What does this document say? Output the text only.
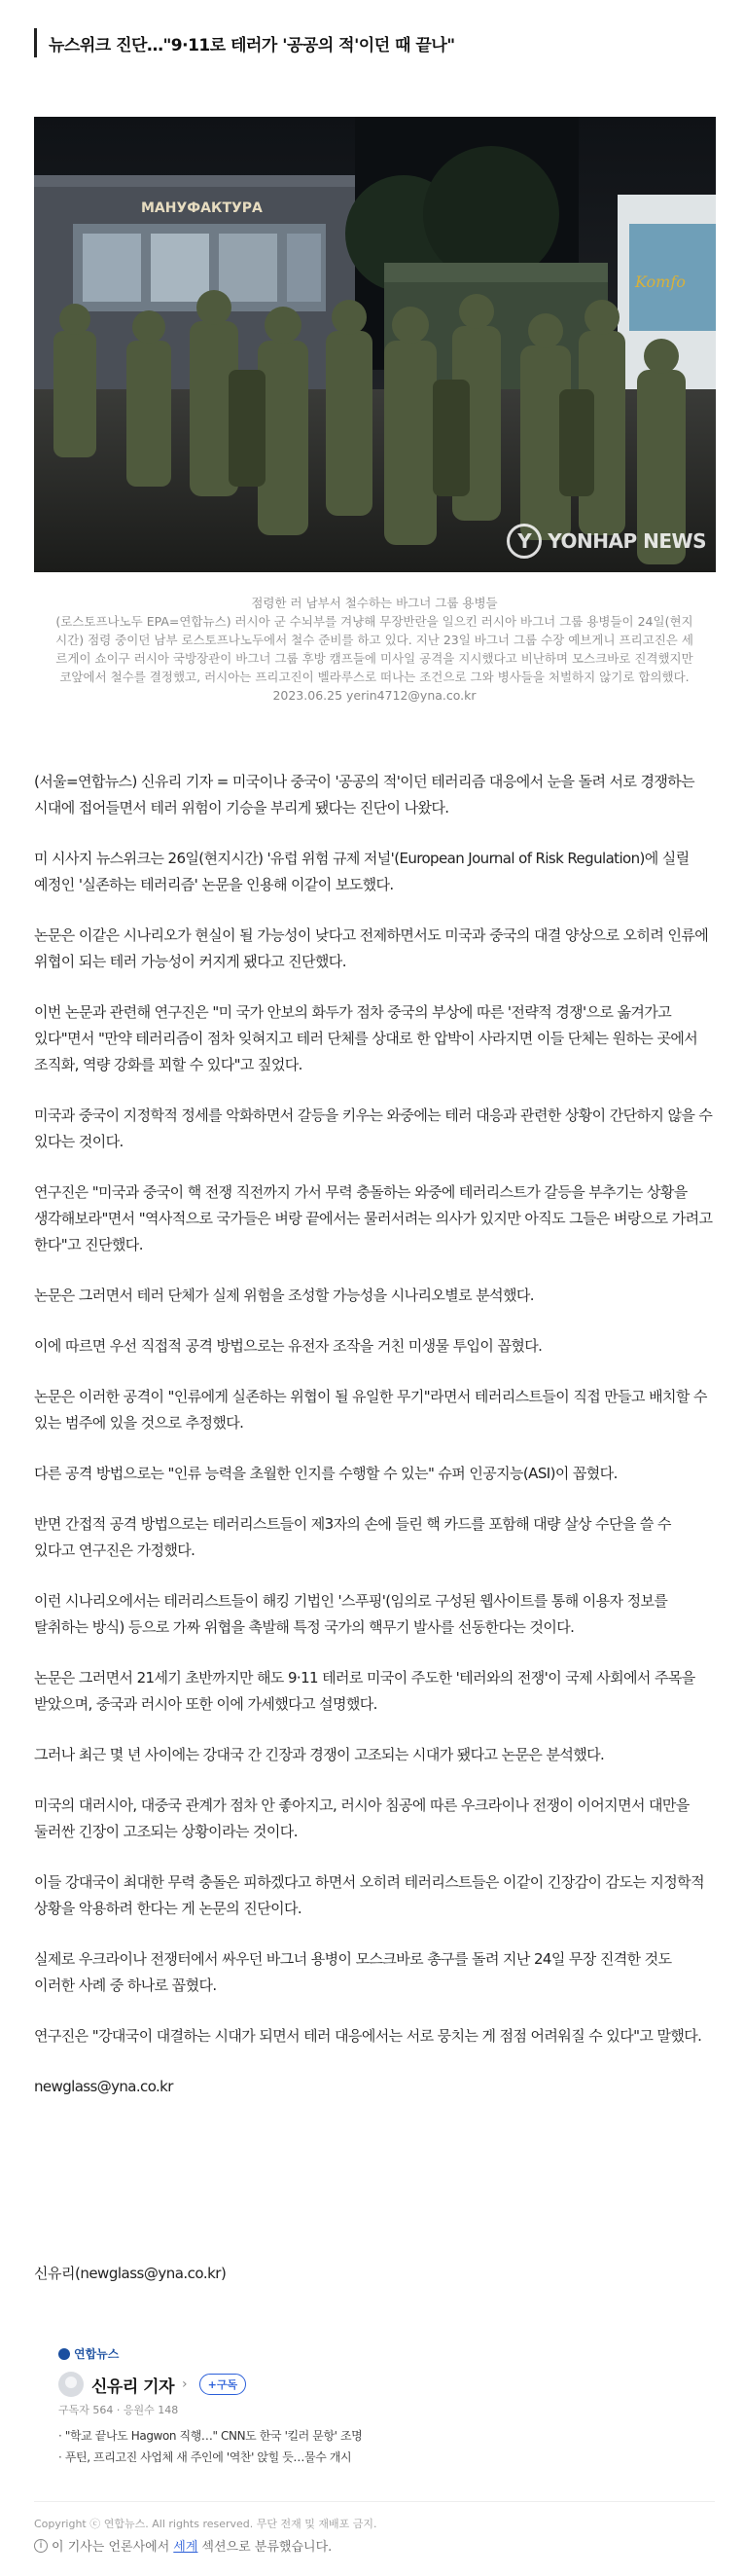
뉴스위크 진단…"9·11로 테러가 '공공의 적'이던 때 끝나"
МАНУФАКТУРА
Komfo
Y YONHAP NEWS
점령한 러 남부서 철수하는 바그너 그룹 용병들
(로스토프나노두 EPA=연합뉴스) 러시아 군 수뇌부를 겨냥해 무장반란을 일으킨 러시아 바그너 그룹 용병들이 24일(현지시간) 점령 중이던 남부 로스토프나노두에서 철수 준비를 하고 있다. 지난 23일 바그너 그룹 수장 예브게니 프리고진은 세르게이 쇼이구 러시아 국방장관이 바그너 그룹 후방 캠프들에 미사일 공격을 지시했다고 비난하며 모스크바로 진격했지만 코앞에서 철수를 결정했고, 러시아는 프리고진이 벨라루스로 떠나는 조건으로 그와 병사들을 처벌하지 않기로 합의했다. 2023.06.25 yerin4712@yna.co.kr

(서울=연합뉴스) 신유리 기자 = 미국이나 중국이 '공공의 적'이던 테러리즘 대응에서 눈을 돌려 서로 경쟁하는 시대에 접어들면서 테러 위험이 기승을 부리게 됐다는 진단이 나왔다.

미 시사지 뉴스위크는 26일(현지시간) '유럽 위험 규제 저널'(European Journal of Risk Regulation)에 실릴 예정인 '실존하는 테러리즘' 논문을 인용해 이같이 보도했다.

논문은 이같은 시나리오가 현실이 될 가능성이 낮다고 전제하면서도 미국과 중국의 대결 양상으로 오히려 인류에 위협이 되는 테러 가능성이 커지게 됐다고 진단했다.

이번 논문과 관련해 연구진은 "미 국가 안보의 화두가 점차 중국의 부상에 따른 '전략적 경쟁'으로 옮겨가고 있다"면서 "만약 테러리즘이 점차 잊혀지고 테러 단체를 상대로 한 압박이 사라지면 이들 단체는 원하는 곳에서 조직화, 역량 강화를 꾀할 수 있다"고 짚었다.

미국과 중국이 지정학적 정세를 악화하면서 갈등을 키우는 와중에는 테러 대응과 관련한 상황이 간단하지 않을 수 있다는 것이다.

연구진은 "미국과 중국이 핵 전쟁 직전까지 가서 무력 충돌하는 와중에 테러리스트가 갈등을 부추기는 상황을 생각해보라"면서 "역사적으로 국가들은 벼랑 끝에서는 물러서려는 의사가 있지만 아직도 그들은 벼랑으로 가려고 한다"고 진단했다.

논문은 그러면서 테러 단체가 실제 위험을 조성할 가능성을 시나리오별로 분석했다.

이에 따르면 우선 직접적 공격 방법으로는 유전자 조작을 거친 미생물 투입이 꼽혔다.

논문은 이러한 공격이 "인류에게 실존하는 위협이 될 유일한 무기"라면서 테러리스트들이 직접 만들고 배치할 수 있는 범주에 있을 것으로 추정했다.

다른 공격 방법으로는 "인류 능력을 초월한 인지를 수행할 수 있는" 슈퍼 인공지능(ASI)이 꼽혔다.

반면 간접적 공격 방법으로는 테러리스트들이 제3자의 손에 들린 핵 카드를 포함해 대량 살상 수단을 쓸 수 있다고 연구진은 가정했다.

이런 시나리오에서는 테러리스트들이 해킹 기법인 '스푸핑'(임의로 구성된 웹사이트를 통해 이용자 정보를 탈취하는 방식) 등으로 가짜 위협을 촉발해 특정 국가의 핵무기 발사를 선동한다는 것이다.

논문은 그러면서 21세기 초반까지만 해도 9·11 테러로 미국이 주도한 '테러와의 전쟁'이 국제 사회에서 주목을 받았으며, 중국과 러시아 또한 이에 가세했다고 설명했다.

그러나 최근 몇 년 사이에는 강대국 간 긴장과 경쟁이 고조되는 시대가 됐다고 논문은 분석했다.

미국의 대러시아, 대중국 관계가 점차 안 좋아지고, 러시아 침공에 따른 우크라이나 전쟁이 이어지면서 대만을 둘러싼 긴장이 고조되는 상황이라는 것이다.

이들 강대국이 최대한 무력 충돌은 피하겠다고 하면서 오히려 테러리스트들은 이같이 긴장감이 감도는 지정학적 상황을 악용하려 한다는 게 논문의 진단이다.

실제로 우크라이나 전쟁터에서 싸우던 바그너 용병이 모스크바로 총구를 돌려 지난 24일 무장 진격한 것도 이러한 사례 중 하나로 꼽혔다.

연구진은 "강대국이 대결하는 시대가 되면서 테러 대응에서는 서로 뭉치는 게 점점 어려워질 수 있다"고 말했다.

newglass@yna.co.kr

신유리(newglass@yna.co.kr)
연합뉴스
신유리 기자 ›	+구독
구독자 564 · 응원수 148
· "학교 끝나도 Hagwon 직행…" CNN도 한국 '킬러 문항' 조명
· 푸틴, 프리고진 사업체 새 주인에 '역찬' 앉힐 듯…물수 개시
Copyright ⓒ 연합뉴스. All rights reserved. 무단 전재 및 재배포 금지.
i 이 기사는 언론사에서 세계 섹션으로 분류했습니다.
